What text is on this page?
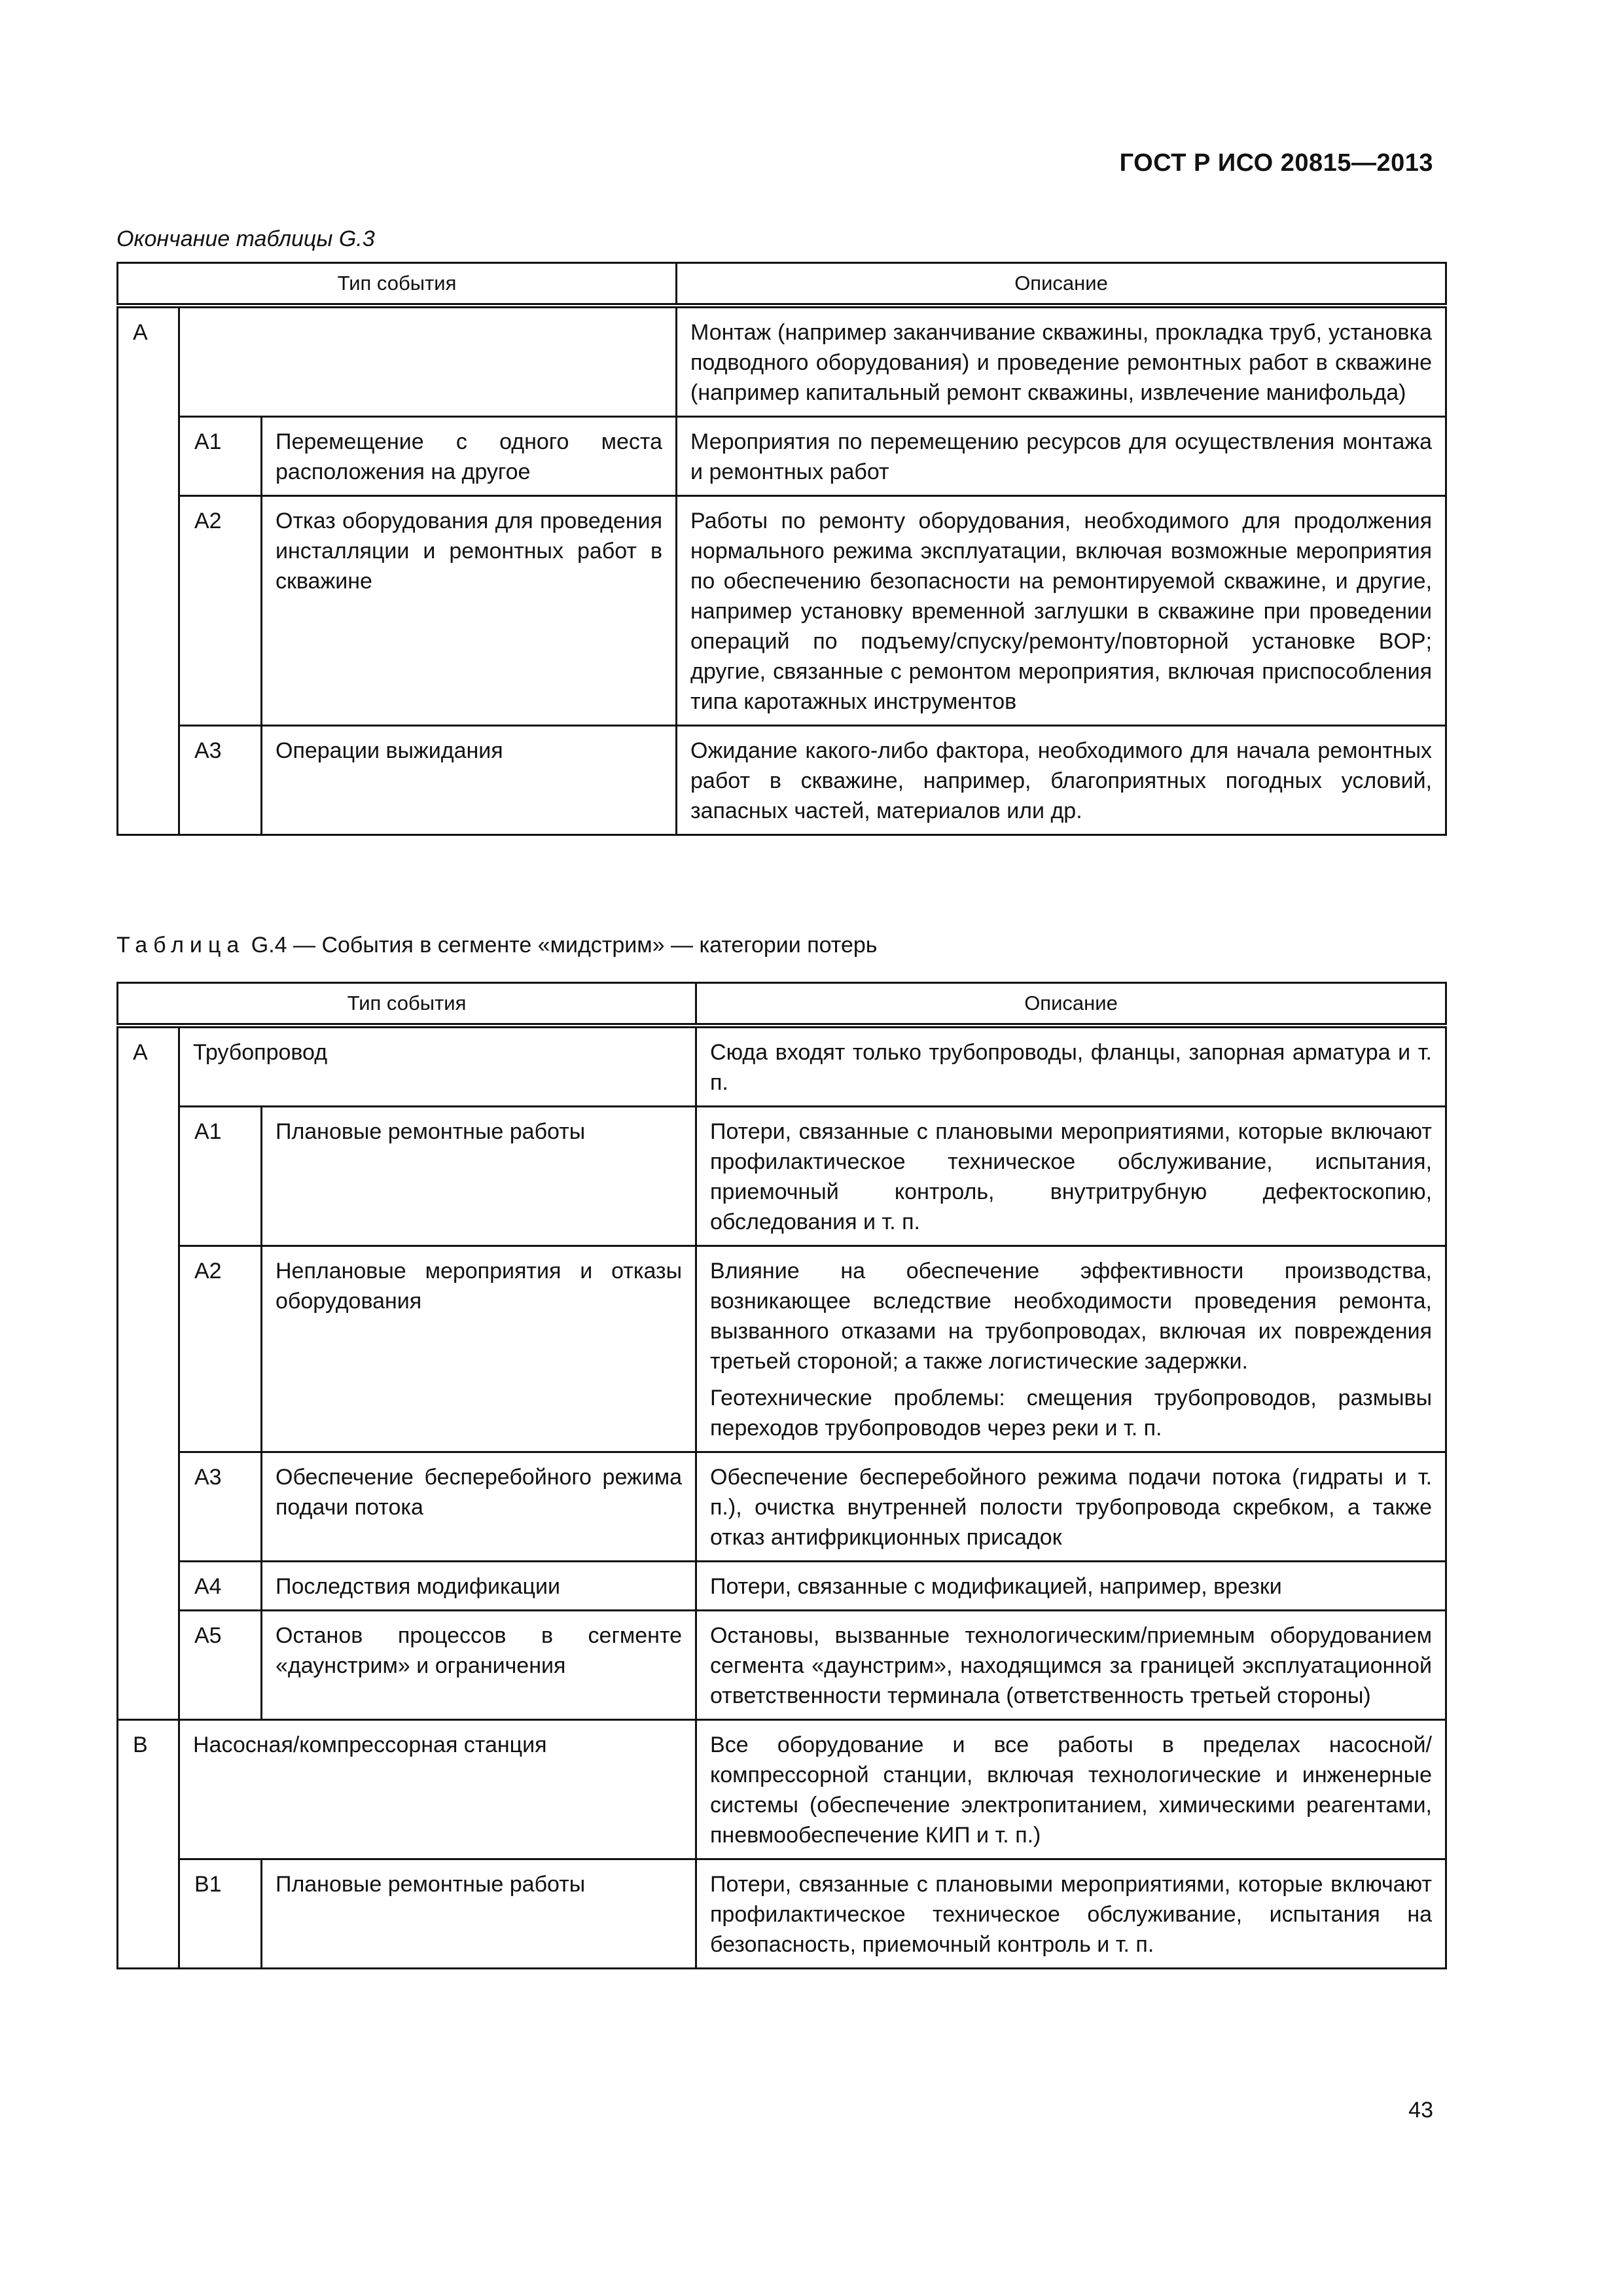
ГОСТ Р ИСО 20815—2013
Окончание таблицы G.3
Тип события			Описание
A			Монтаж (например заканчивание скважины, прокладка труб, установка подводного оборудования) и проведение ремонтных работ в скважине (например капитальный ремонт скважины, извлечение манифольда)
	A1	Перемещение с одного места расположения на другое	Мероприятия по перемещению ресурсов для осуществления монтажа и ремонтных работ
	A2	Отказ оборудования для проведения инсталляции и ремонтных работ в скважине	Работы по ремонту оборудования, необходимого для продолжения нормального режима эксплуатации, включая возможные мероприятия по обеспечению безопасности на ремонтируемой скважине, и другие, например установку временной заглушки в скважине при проведении операций по подъему/спуску/ремонту/повторной установке BOP; другие, связанные с ремонтом мероприятия, включая приспособления типа каротажных инструментов
	A3	Операции выжидания	Ожидание какого-либо фактора, необходимого для начала ремонтных работ в скважине, например, благоприятных погодных условий, запасных частей, материалов или др.
Таблица G.4 — События в сегменте «мидстрим» — категории потерь
Тип события			Описание
A	Трубопровод		Сюда входят только трубопроводы, фланцы, запорная арматура и т. п.
	A1	Плановые ремонтные работы	Потери, связанные с плановыми мероприятиями, которые включают профилактическое техническое обслуживание, испытания, приемочный контроль, внутритрубную дефектоскопию, обследования и т. п.
	A2	Неплановые мероприятия и отказы оборудования	Влияние на обеспечение эффективности производства, возникающее вследствие необходимости проведения ремонта, вызванного отказами на трубопроводах, включая их повреждения третьей стороной; а также логистические задержки.
Геотехнические проблемы: смещения трубопроводов, размывы переходов трубопроводов через реки и т. п.

	A3	Обеспечение бесперебойного режима подачи потока	Обеспечение бесперебойного режима подачи потока (гидраты и т. п.), очистка внутренней полости трубопровода скребком, а также отказ антифрикционных присадок
	A4	Последствия модификации	Потери, связанные с модификацией, например, врезки
	A5	Останов процессов в сегменте «даунстрим» и ограничения	Остановы, вызванные технологическим/приемным оборудованием сегмента «даунстрим», находящимся за границей эксплуатационной ответственности терминала (ответственность третьей стороны)
B	Насосная/компрессорная станция		Все оборудование и все работы в пределах насосной/компрессорной станции, включая технологические и инженерные системы (обеспечение электропитанием, химическими реагентами, пневмообеспечение КИП и т. п.)
	B1	Плановые ремонтные работы	Потери, связанные с плановыми мероприятиями, которые включают профилактическое техническое обслуживание, испытания на безопасность, приемочный контроль и т. п.
43
